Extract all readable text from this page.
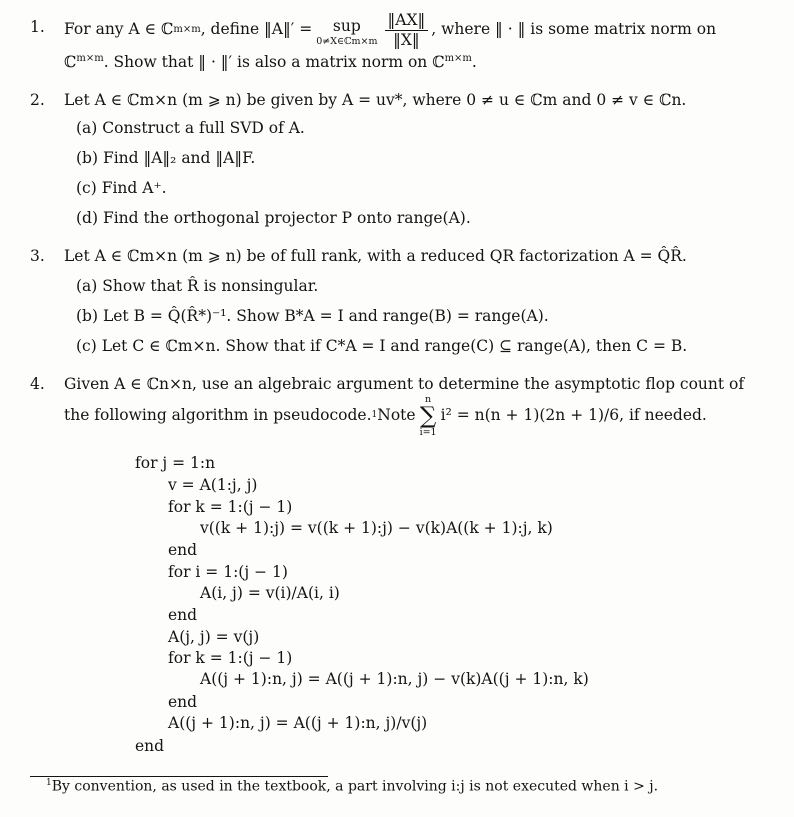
1. For any A ∈ ℂ m×m , define ‖A‖′ = sup
0≠X∈ℂm×m $\frac{‖AX‖}{‖X‖}$ , where ‖ · ‖ is some matrix norm on
ℂ$^{m\times m}$. Show that ‖ · ‖′ is also a matrix norm on ℂ$^{m\times m}$.
2. Let A ∈ ℂm×n (m ⩾ n) be given by A = uv*, where 0 ≠ u ∈ ℂm and 0 ≠ v ∈ ℂn.
(a) Construct a full SVD of A.
(b) Find ‖A‖₂ and ‖A‖F.
(c) Find A⁺.
(d) Find the orthogonal projector P onto range(A).
3. Let A ∈ ℂm×n (m ⩾ n) be of full rank, with a reduced QR factorization A = Q̂R̂.
(a) Show that R̂ is nonsingular.
(b) Let B = Q̂(R̂*)⁻¹. Show B*A = I and range(B) = range(A).
(c) Let C ∈ ℂm×n. Show that if C*A = I and range(C) ⊆ range(A), then C = B.
4. Given A ∈ ℂn×n, use an algebraic argument to determine the asymptotic flop count of
the following algorithm in pseudocode. 1 Note
n
∑
i=1
i² = n(n + 1)(2n + 1)/6, if needed.
for j = 1:n
v = A(1:j, j)
for k = 1:(j − 1)
v((k + 1):j) = v((k + 1):j) − v(k)A((k + 1):j, k)
end
for i = 1:(j − 1)
A(i, j) = v(i)/A(i, i)
end
A(j, j) = v(j)
for k = 1:(j − 1)
A((j + 1):n, j) = A((j + 1):n, j) − v(k)A((j + 1):n, k)
end
A((j + 1):n, j) = A((j + 1):n, j)/v(j)
end
$^1$By convention, as used in the textbook, a part involving i:j is not executed when i > j.
